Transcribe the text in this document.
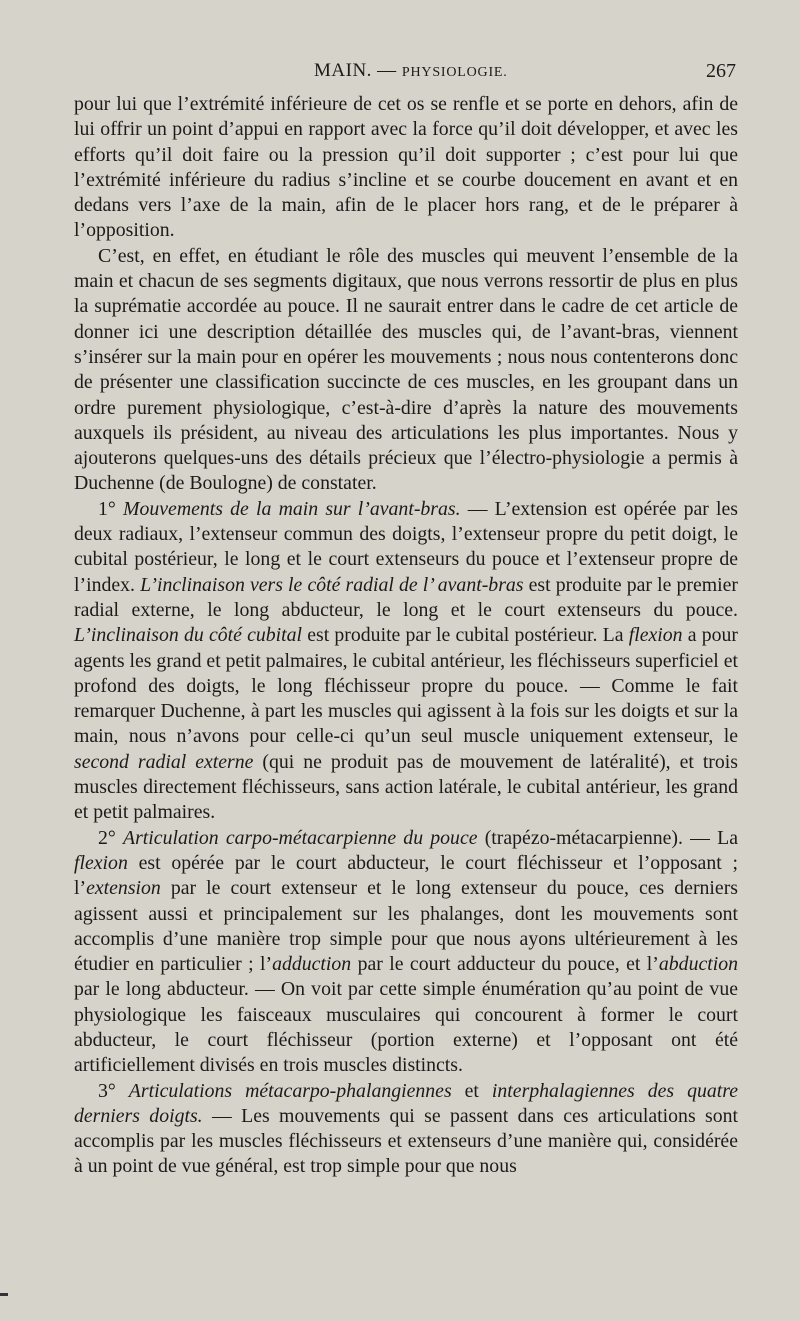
MAIN. — PHYSIOLOGIE.	267

pour lui que l’extrémité inférieure de cet os se renfle et se porte en dehors, afin de lui offrir un point d’appui en rapport avec la force qu’il doit développer, et avec les efforts qu’il doit faire ou la pression qu’il doit supporter ; c’est pour lui que l’extrémité inférieure du radius s’incline et se courbe doucement en avant et en dedans vers l’axe de la main, afin de le placer hors rang, et de le préparer à l’opposition.

C’est, en effet, en étudiant le rôle des muscles qui meuvent l’ensemble de la main et chacun de ses segments digitaux, que nous verrons ressortir de plus en plus la suprématie accordée au pouce. Il ne saurait entrer dans le cadre de cet article de donner ici une description détaillée des muscles qui, de l’avant-bras, viennent s’insérer sur la main pour en opérer les mouvements ; nous nous contenterons donc de présenter une classification succincte de ces muscles, en les groupant dans un ordre purement physiologique, c’est-à-dire d’après la nature des mouvements auxquels ils président, au niveau des articulations les plus importantes. Nous y ajouterons quelques-uns des détails précieux que l’électro-physiologie a permis à Duchenne (de Boulogne) de constater.

1° Mouvements de la main sur l’avant-bras. — L’extension est opérée par les deux radiaux, l’extenseur commun des doigts, l’extenseur propre du petit doigt, le cubital postérieur, le long et le court extenseurs du pouce et l’extenseur propre de l’index. L’inclinaison vers le côté radial de l’ avant-bras est produite par le premier radial externe, le long abducteur, le long et le court extenseurs du pouce. L’inclinaison du côté cubital est produite par le cubital postérieur. La flexion a pour agents les grand et petit palmaires, le cubital antérieur, les fléchisseurs superficiel et profond des doigts, le long fléchisseur propre du pouce. — Comme le fait remarquer Duchenne, à part les muscles qui agissent à la fois sur les doigts et sur la main, nous n’avons pour celle-ci qu’un seul muscle uniquement extenseur, le second radial externe (qui ne produit pas de mouvement de latéralité), et trois muscles directement fléchisseurs, sans action latérale, le cubital antérieur, les grand et petit palmaires.

2° Articulation carpo-métacarpienne du pouce (trapézo-métacarpienne). — La flexion est opérée par le court abducteur, le court fléchisseur et l’opposant ; l’extension par le court extenseur et le long extenseur du pouce, ces derniers agissent aussi et principalement sur les phalanges, dont les mouvements sont accomplis d’une manière trop simple pour que nous ayons ultérieurement à les étudier en particulier ; l’adduction par le court adducteur du pouce, et l’abduction par le long abducteur. — On voit par cette simple énumération qu’au point de vue physiologique les faisceaux musculaires qui concourent à former le court abducteur, le court fléchisseur (portion externe) et l’opposant ont été artificiellement divisés en trois muscles distincts.

3° Articulations métacarpo-phalangiennes et interphalagiennes des quatre derniers doigts. — Les mouvements qui se passent dans ces articulations sont accomplis par les muscles fléchisseurs et extenseurs d’une manière qui, considérée à un point de vue général, est trop simple pour que nous
